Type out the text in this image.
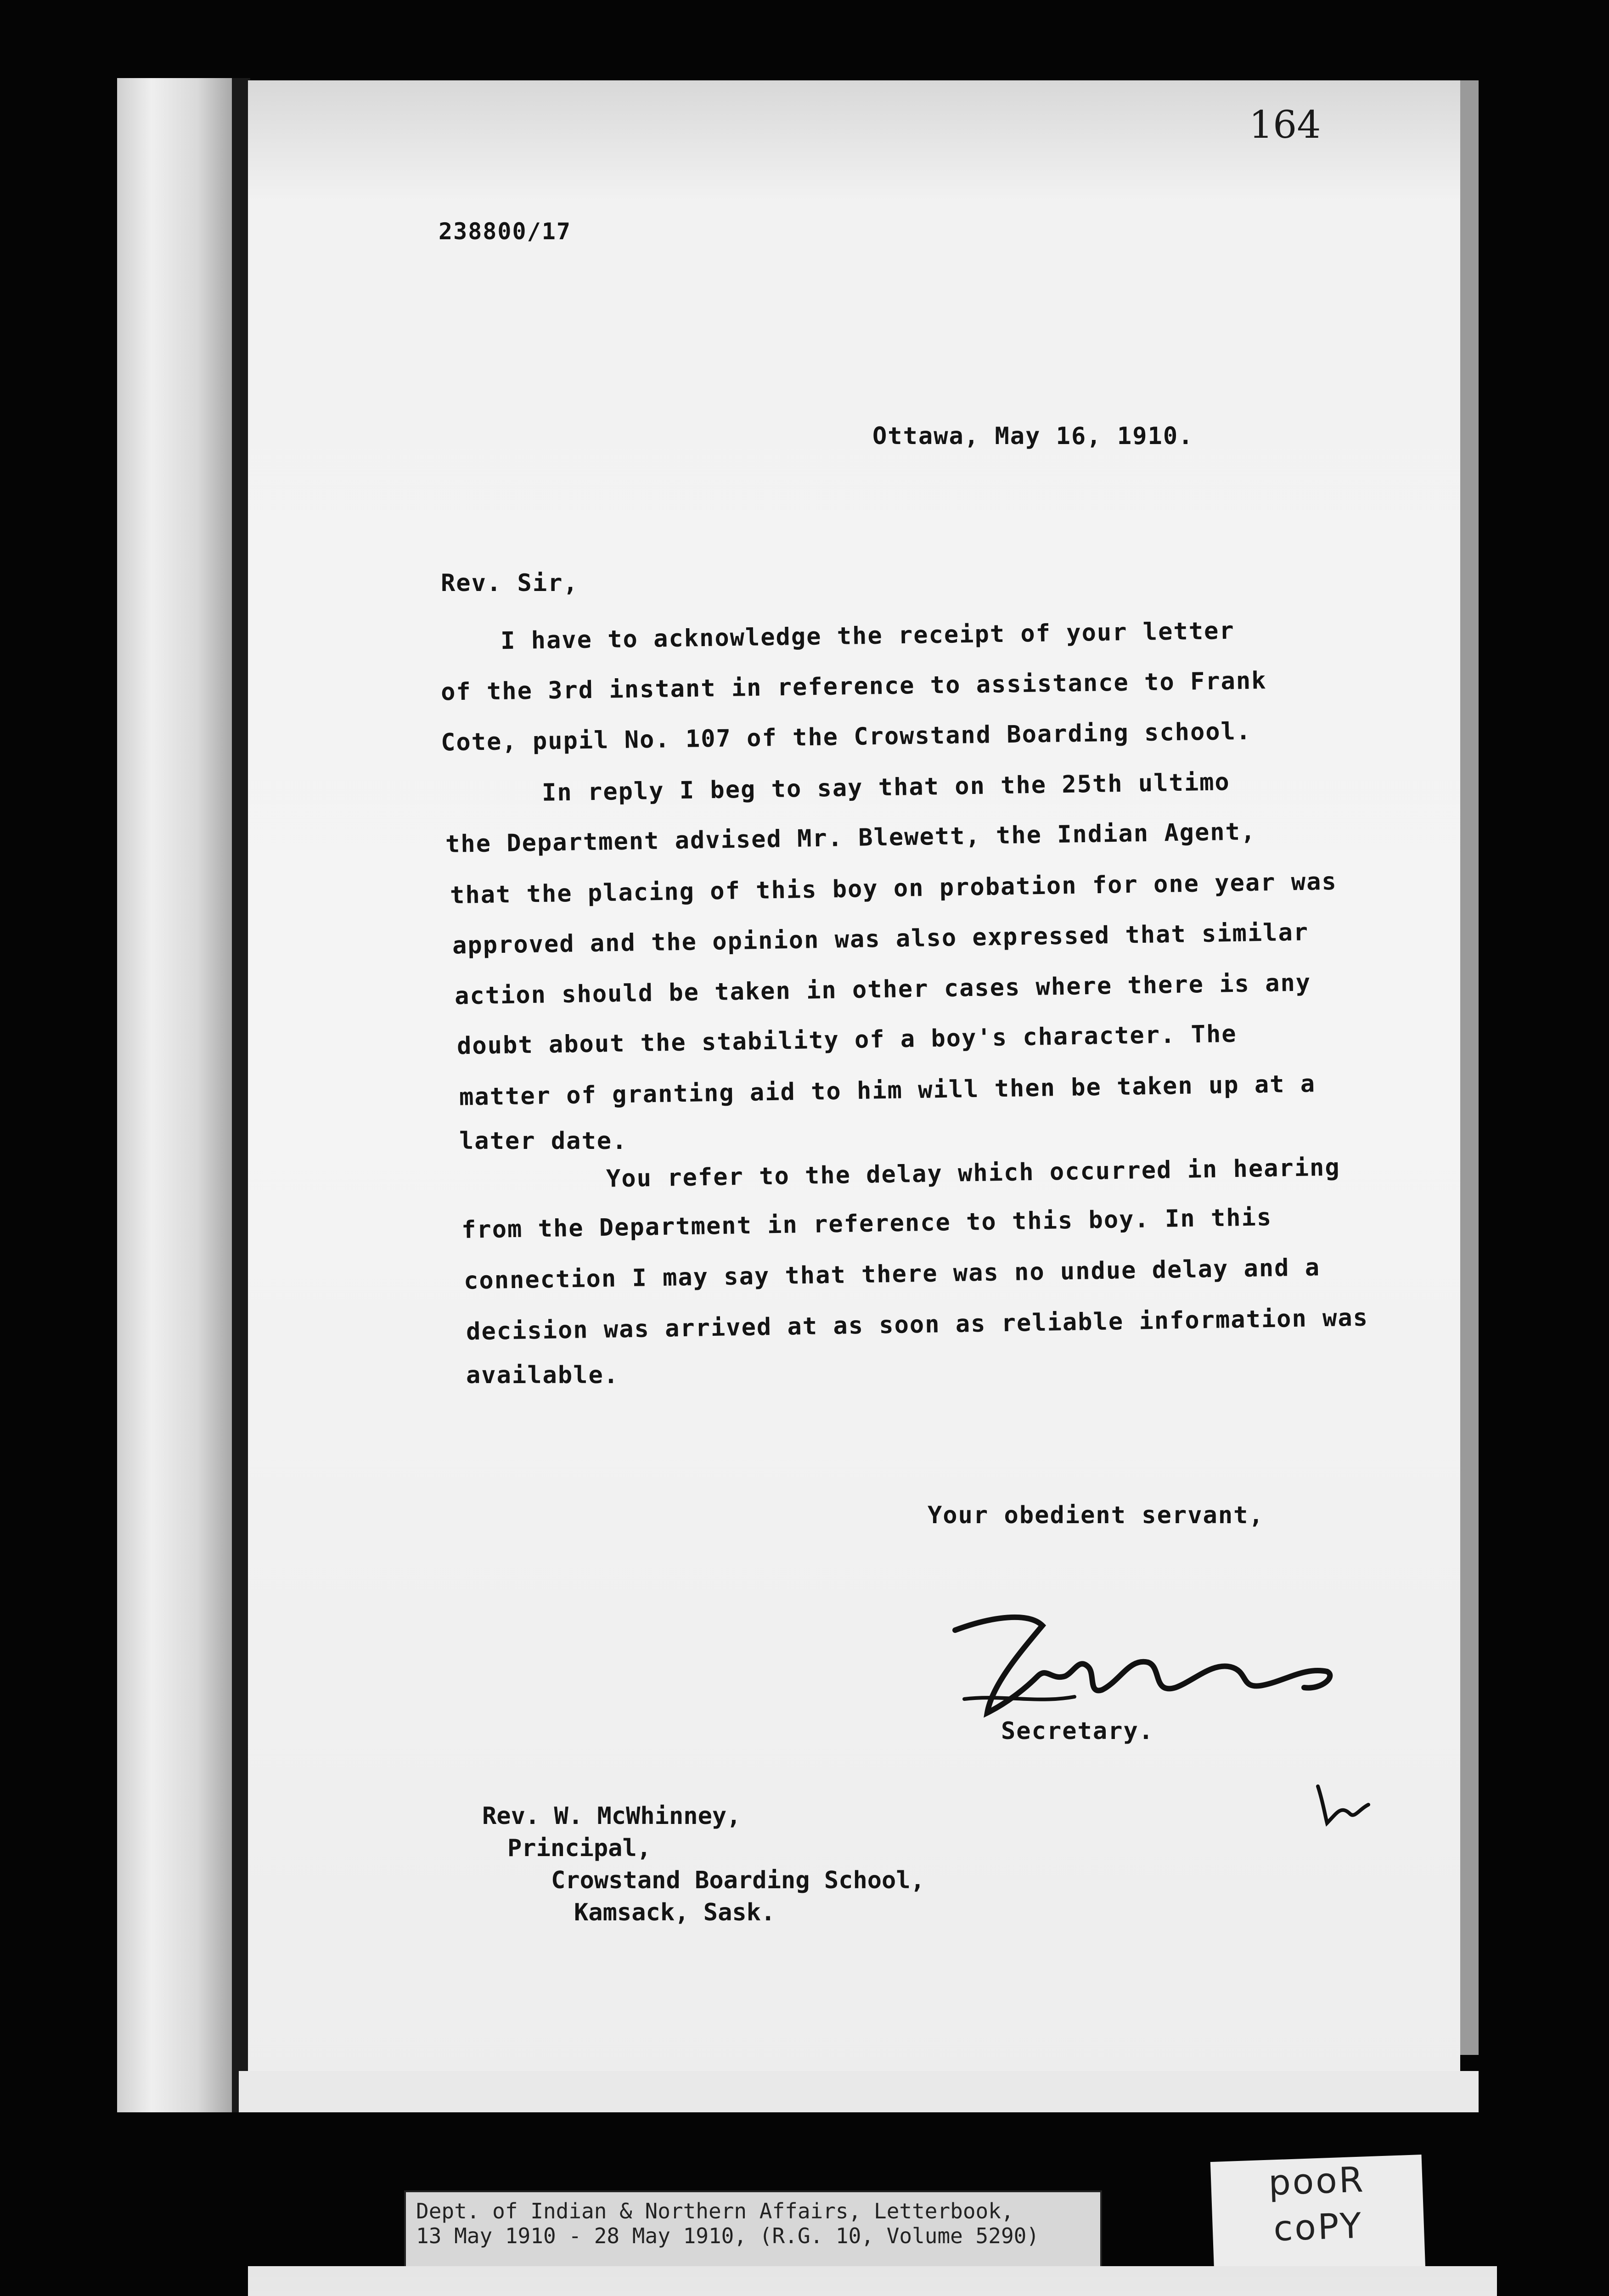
164
238800/17
Ottawa, May 16, 1910.
Rev. Sir,
I have to acknowledge the receipt of your letter
of the 3rd instant in reference to assistance to Frank
Cote, pupil No. 107 of the Crowstand Boarding school.
In reply I beg to say that on the 25th ultimo
the Department advised Mr. Blewett, the Indian Agent,
that the placing of this boy on probation for one year was
approved and the opinion was also expressed that similar
action should be taken in other cases where there is any
doubt about the stability of a boy's character. The
matter of granting aid to him will then be taken up at a
later date.
You refer to the delay which occurred in hearing
from the Department in reference to this boy. In this
connection I may say that there was no undue delay and a
decision was arrived at as soon as reliable information was
available.
Your obedient servant,
Secretary.
Rev. W. McWhinney,
Principal,
Crowstand Boarding School,
Kamsack, Sask.
Dept. of Indian & Northern Affairs, Letterbook,
13 May 1910 - 28 May 1910, (R.G. 10, Volume 5290)
pooR
coPY
